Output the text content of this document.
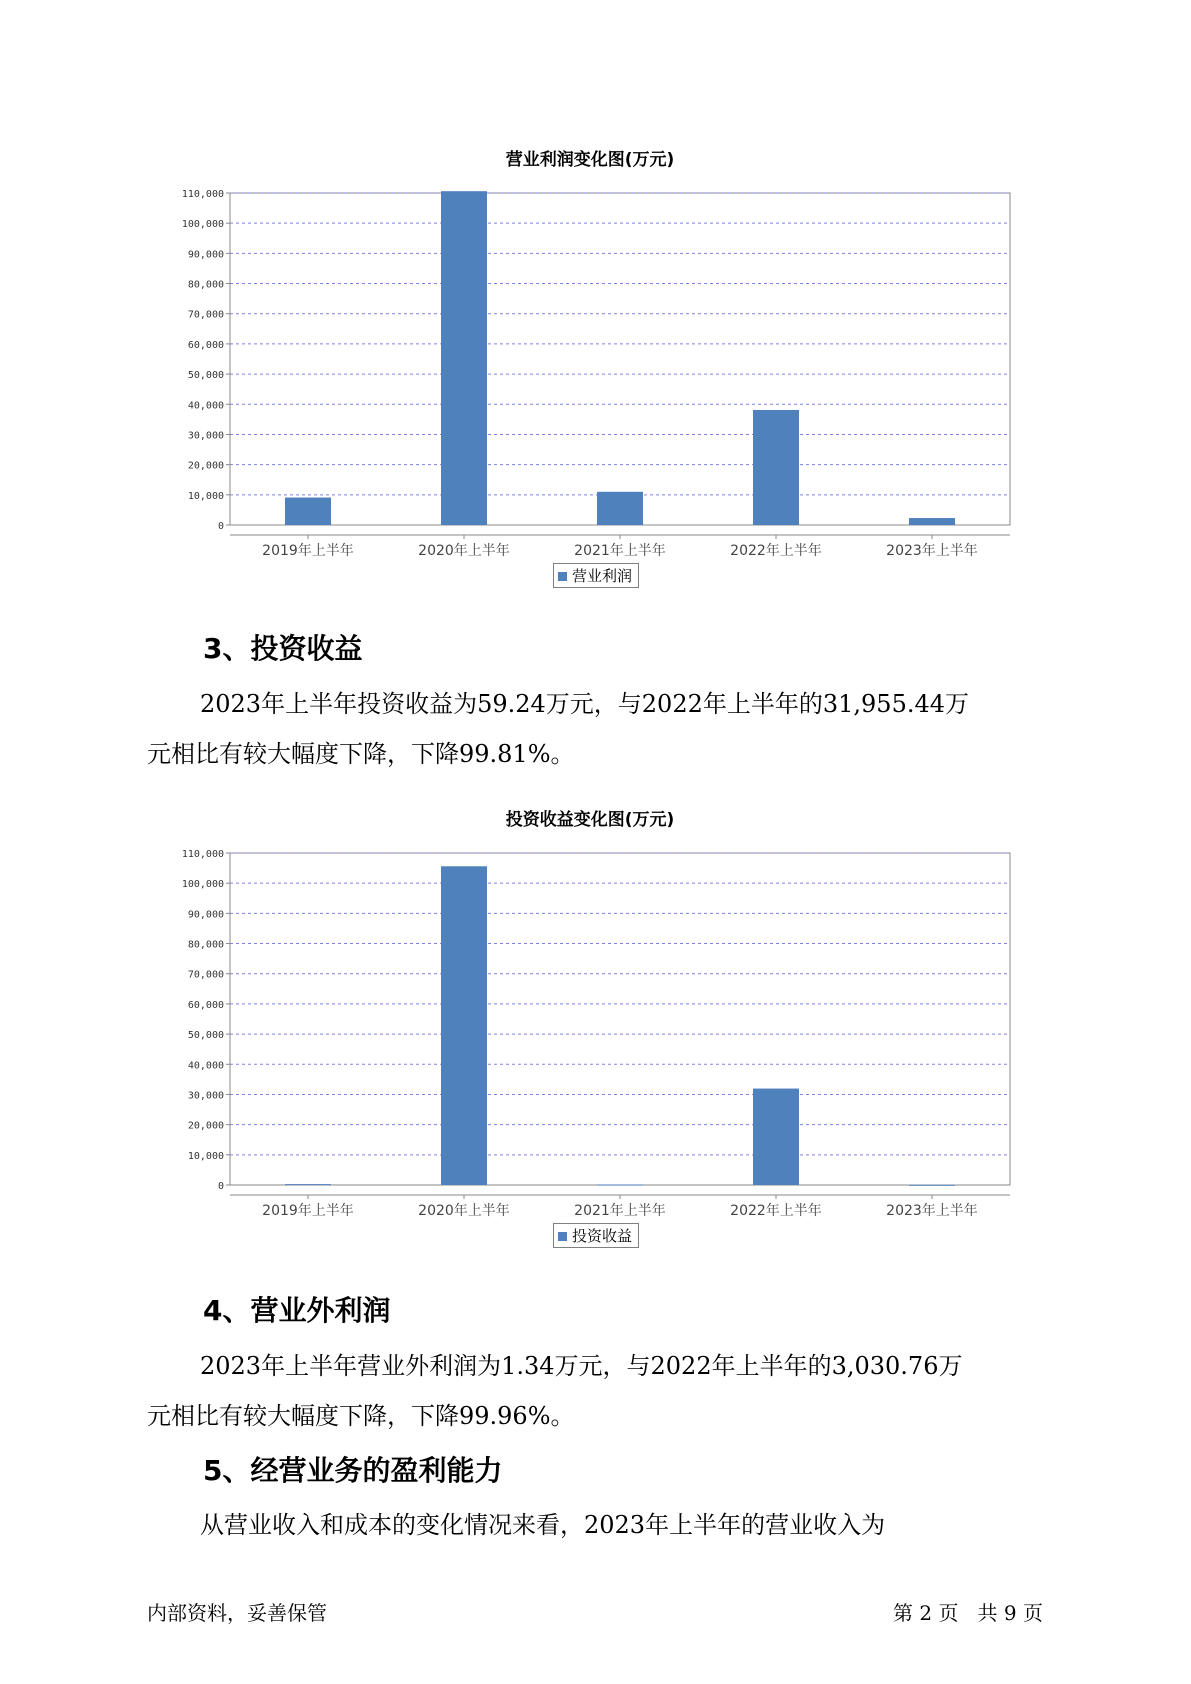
营业利润变化图(万元)
0
10,000
20,000
30,000
40,000
50,000
60,000
70,000
80,000
90,000
100,000
110,000
2019年上半年	2020年上半年	2021年上半年	2022年上半年	2023年上半年
营业利润
3、投资收益
2023年上半年投资收益为59.24万元，与2022年上半年的31,955.44万
元相比有较大幅度下降，下降99.81%。
投资收益变化图(万元)
0
10,000
20,000
30,000
40,000
50,000
60,000
70,000
80,000
90,000
100,000
110,000
2019年上半年	2020年上半年	2021年上半年	2022年上半年	2023年上半年
投资收益
4、营业外利润
2023年上半年营业外利润为1.34万元，与2022年上半年的3,030.76万
元相比有较大幅度下降，下降99.96%。
5、经营业务的盈利能力
从营业收入和成本的变化情况来看，2023年上半年的营业收入为
内部资料，妥善保管	第 2 页   共 9 页
